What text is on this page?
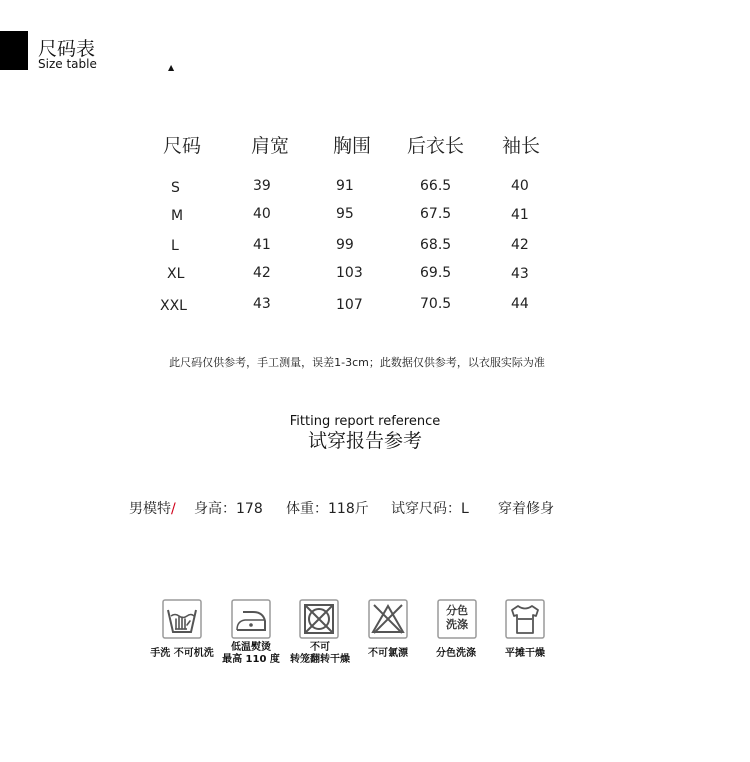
尺码表
Size table	▲
尺码	肩宽 胸围 后衣长 袖长
S	39	91	66.5	40
M	40	95	67.5	41
L	41	99	68.5	42
XL	42	103	69.5	43
XXL	43	107	70.5	44
此尺码仅供参考，手工测量，误差1-3cm；此数据仅供参考，以衣服实际为准
Fitting report reference
试穿报告参考
男模特/ 身高：178 体重：118斤 试穿尺码：L 穿着修身
分色
洗涤
手洗 不可机洗
低温熨烫
最高 110 度
不可
转笼翻转干燥
不可氯漂	分色洗涤	平摊干燥
